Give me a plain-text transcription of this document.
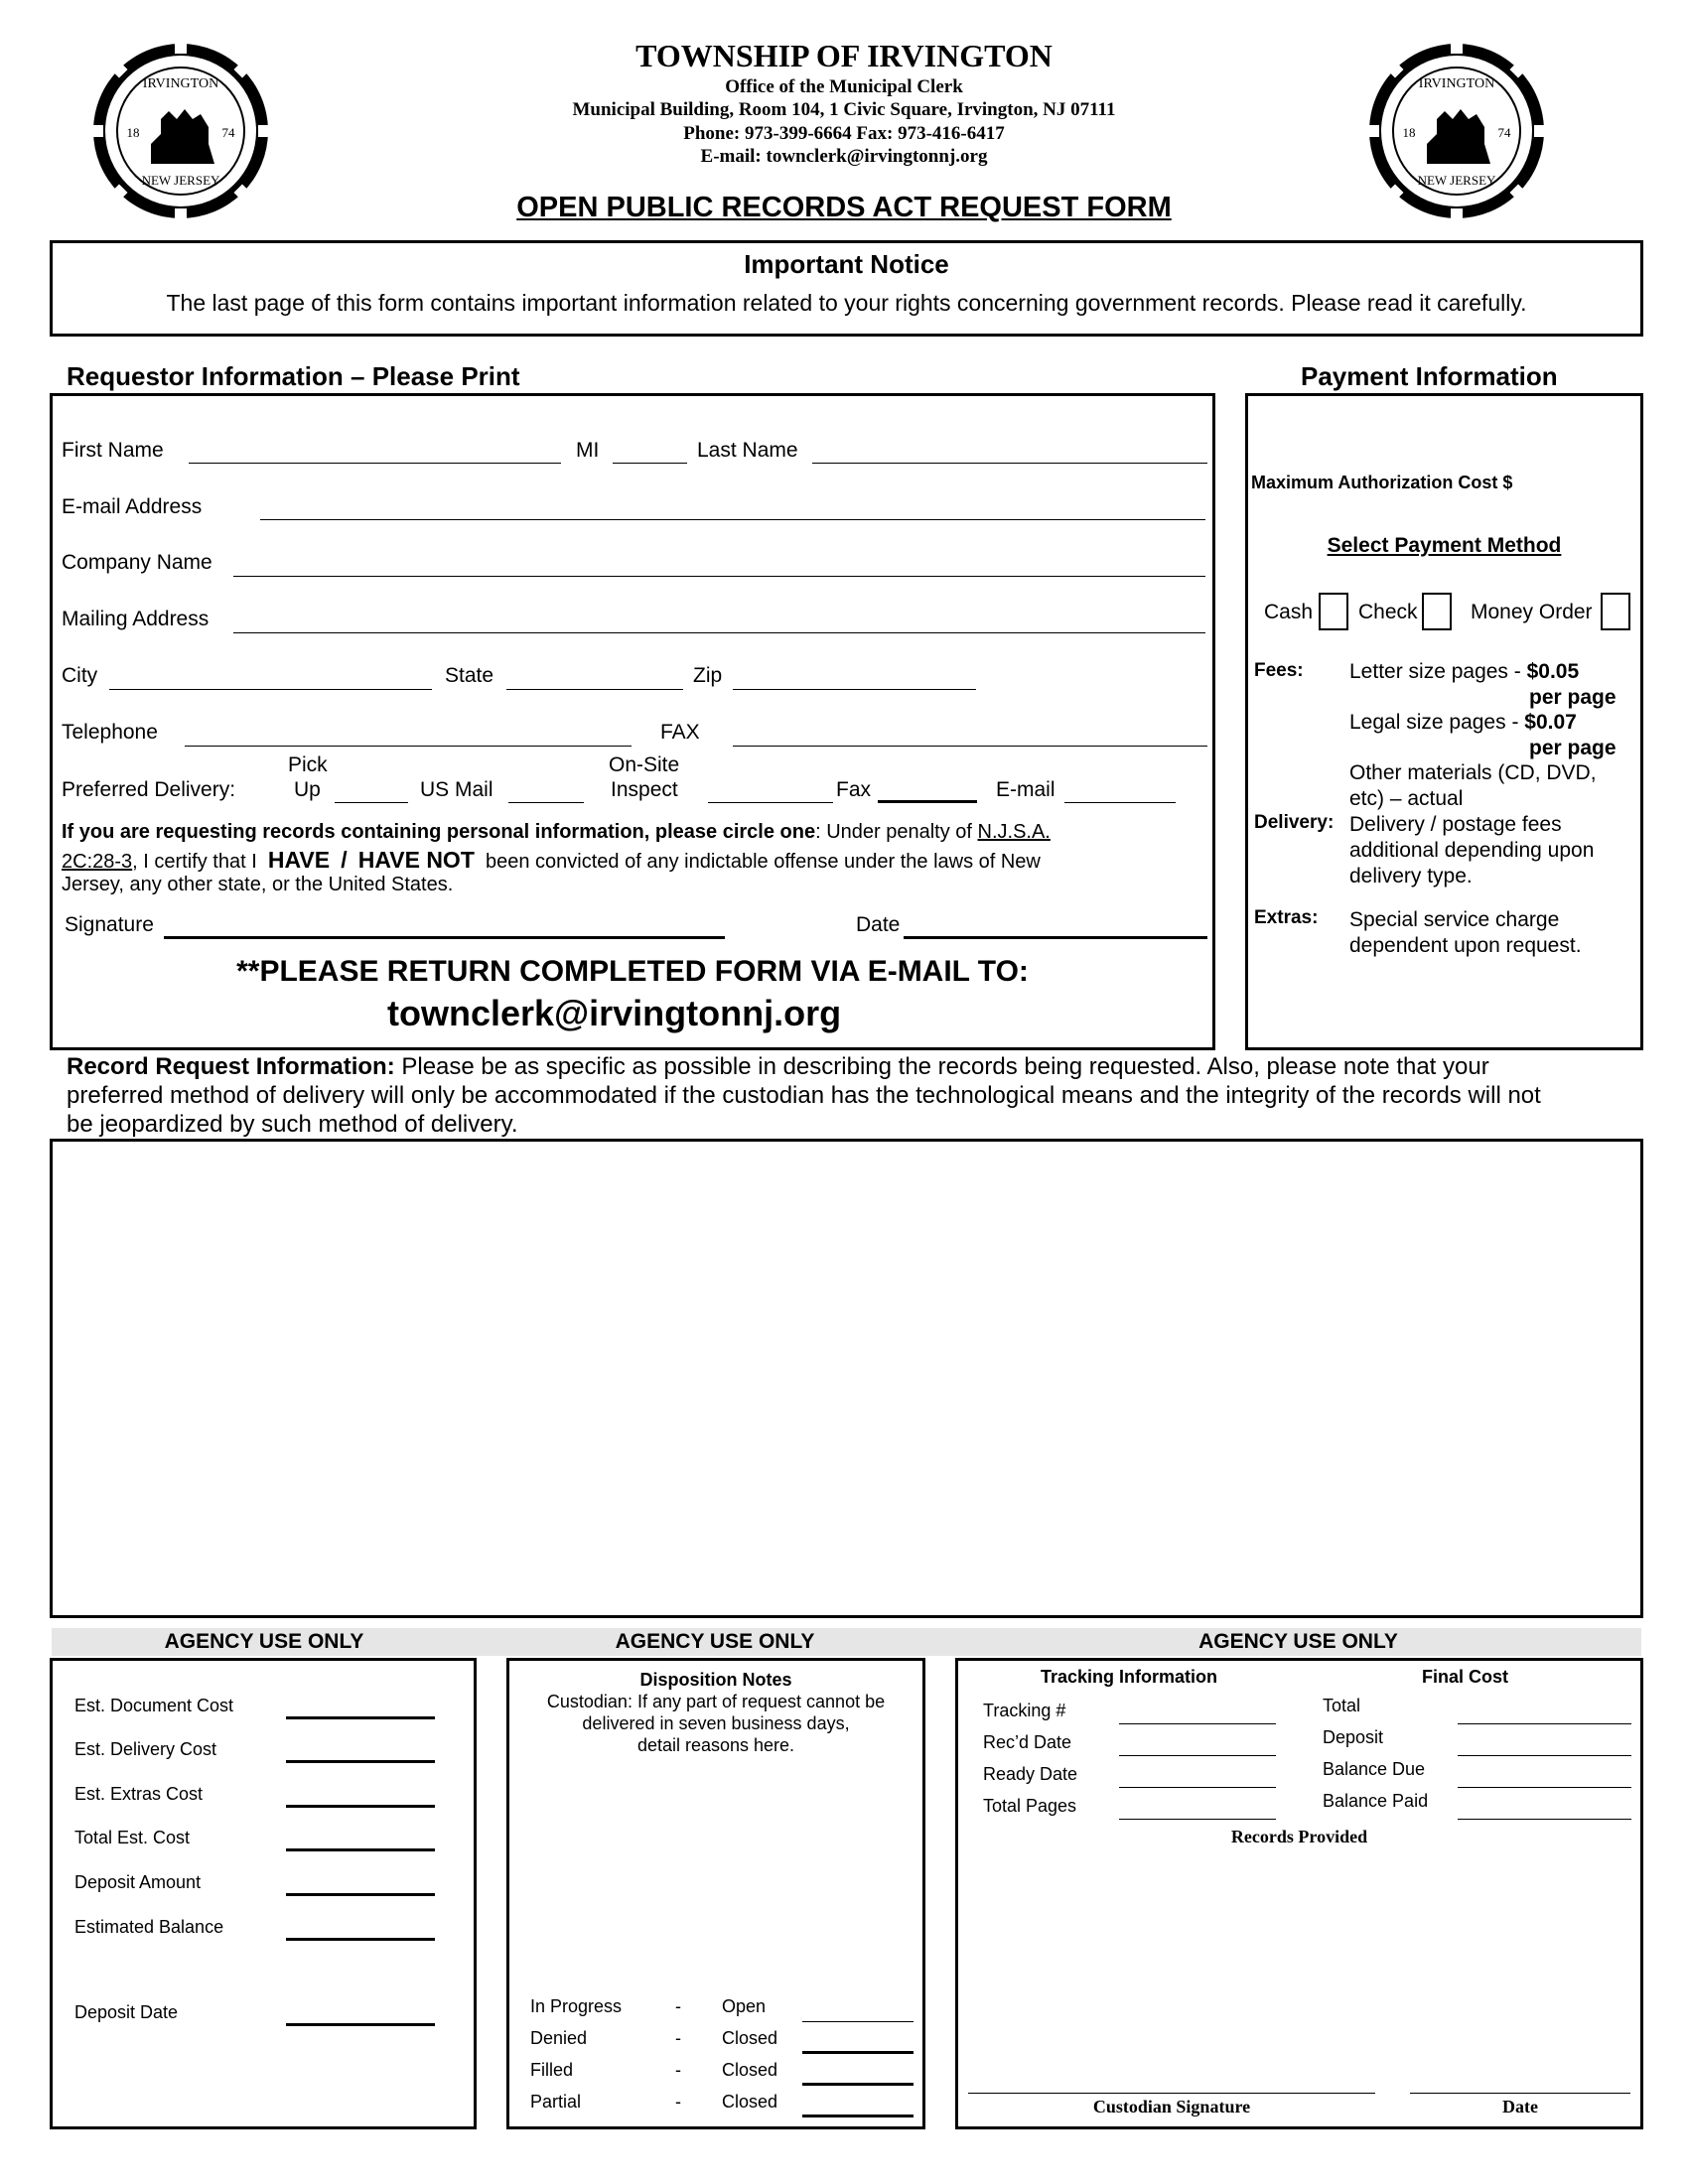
IRVINGTON
18	74
NEW JERSEY
IRVINGTON
18	74
NEW JERSEY
TOWNSHIP OF IRVINGTON
Office of the Municipal Clerk
Municipal Building, Room 104, 1 Civic Square, Irvington, NJ 07111
Phone: 973-399-6664 Fax: 973-416-6417
E-mail: townclerk@irvingtonnj.org
OPEN PUBLIC RECORDS ACT REQUEST FORM
Important Notice
The last page of this form contains important information related to your rights concerning government records. Please read it carefully.
Requestor Information – Please Print	Payment Information
First Name	MI	Last Name
E-mail Address
Company Name
Mailing Address
City	State	Zip
Telephone	FAX
Pick	On-Site
Preferred Delivery:	Up	US Mail	Inspect	Fax	E-mail
If you are requesting records containing personal information, please circle one: Under penalty of N.J.S.A.
2C:28-3, I certify that I HAVE / HAVE NOT been convicted of any indictable offense under the laws of New
Jersey, any other state, or the United States.
Signature	Date
**PLEASE RETURN COMPLETED FORM VIA E-MAIL TO:
townclerk@irvingtonnj.org
Maximum Authorization Cost $
Select Payment Method
Cash Check	Money Order
Fees: Letter size pages - $0.05
per page
Legal size pages - $0.07
per page
Other materials (CD, DVD,
etc) – actual
Delivery: Delivery / postage fees
additional depending upon
delivery type.
Extras: Special service charge
dependent upon request.
Record Request Information: Please be as specific as possible in describing the records being requested. Also, please note that your
preferred method of delivery will only be accommodated if the custodian has the technological means and the integrity of the records will not
be jeopardized by such method of delivery.
AGENCY USE ONLY	AGENCY USE ONLY	AGENCY USE ONLY
Est. Document Cost
Est. Delivery Cost
Est. Extras Cost
Total Est. Cost
Deposit Amount
Estimated Balance
Deposit Date
Disposition Notes
Custodian: If any part of request cannot be
delivered in seven business days,
detail reasons here.
In Progress	- Open
Denied	- Closed
Filled	- Closed
Partial	- Closed
Tracking Information	Final Cost
Tracking #
Rec’d Date
Ready Date
Total Pages
Total
Deposit
Balance Due
Balance Paid
Records Provided
Custodian Signature	Date
